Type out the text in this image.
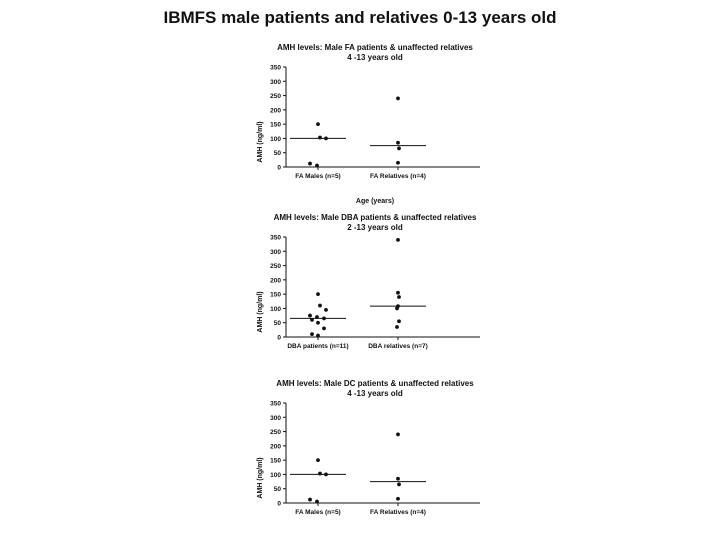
IBMFS male patients and relatives 0-13 years old
AMH levels: Male FA patients & unaffected relatives
4 -13 years old
AMH (ng/ml)
Age (years)
0
50
100
150
200
250
300
350
FA Males (n=5)	FA Relatives (n=4)
AMH levels: Male DBA patients & unaffected relatives
2 -13 years old
AMH (ng/ml)
0
50
100
150
200
250
300
350
DBA patients (n=11)	DBA relatives (n=7)
AMH levels: Male DC patients & unaffected relatives
4 -13 years old
AMH (ng/ml)
0
50
100
150
200
250
300
350
FA Males (n=5)	FA Relatives (n=4)
